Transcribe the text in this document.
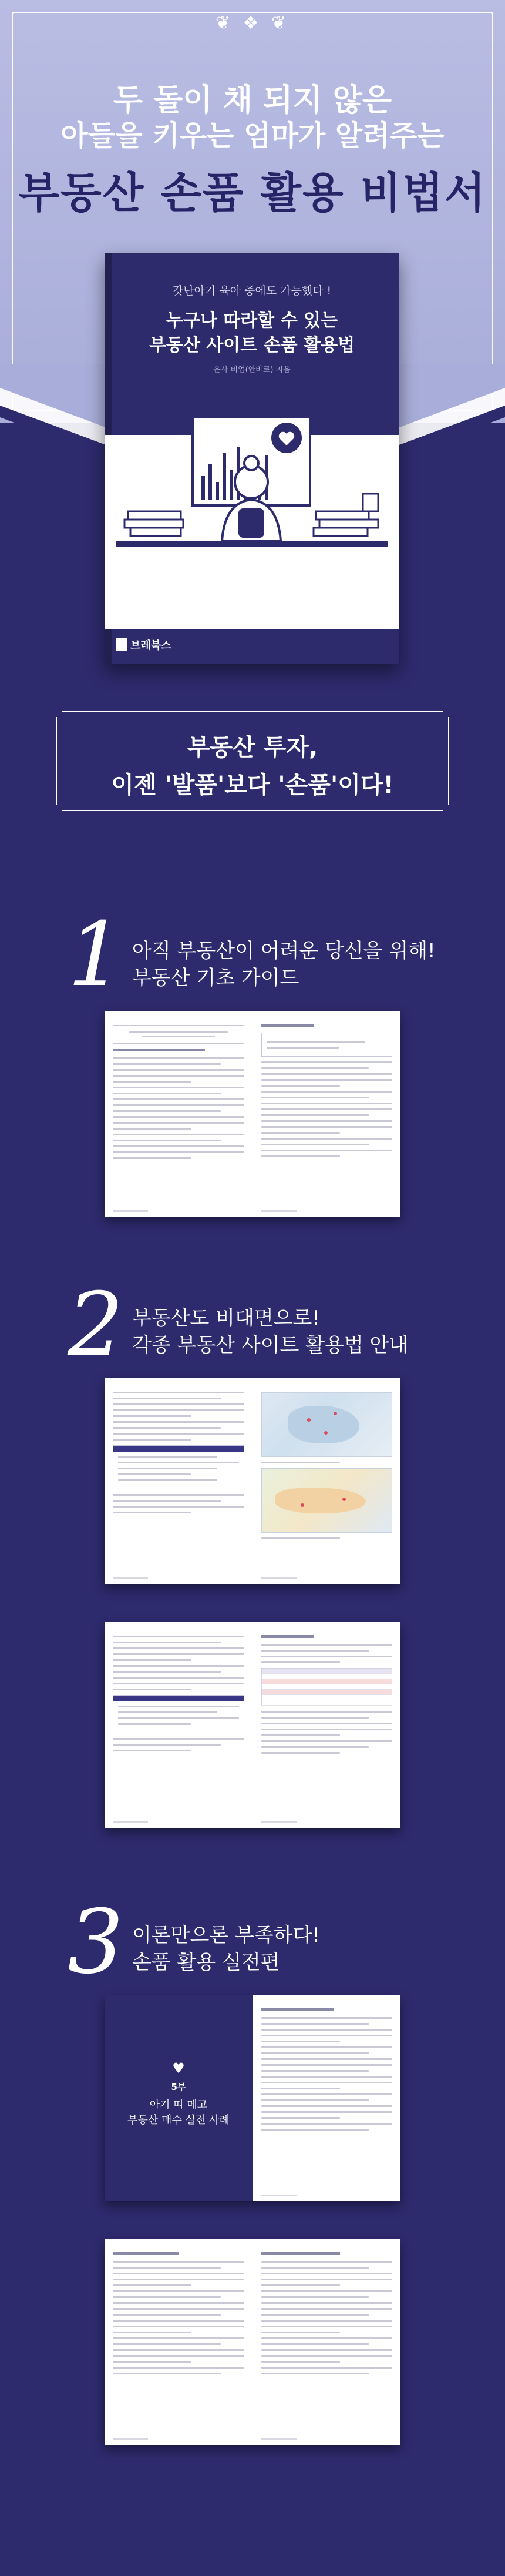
❦ ❖ ❦
두 돌이 채 되지 않은
아들을 키우는 엄마가 알려주는
부동산 손품 활용 비법서
갓난아기 육아 중에도 가능했다 !
누구나 따라할 수 있는
부동산 사이트 손품 활용법
운사 비업(안바로) 지음
브레북스
부동산 투자,
이젠 '발품'보다 '손품'이다!
1 아직 부동산이 어려운 당신을 위해!
부동산 기초 가이드
2 부동산도 비대면으로!
각종 부동산 사이트 활용법 안내
3 이론만으론 부족하다!
손품 활용 실전편
♥
5부
아기 띠 메고
부동산 매수 실전 사례
